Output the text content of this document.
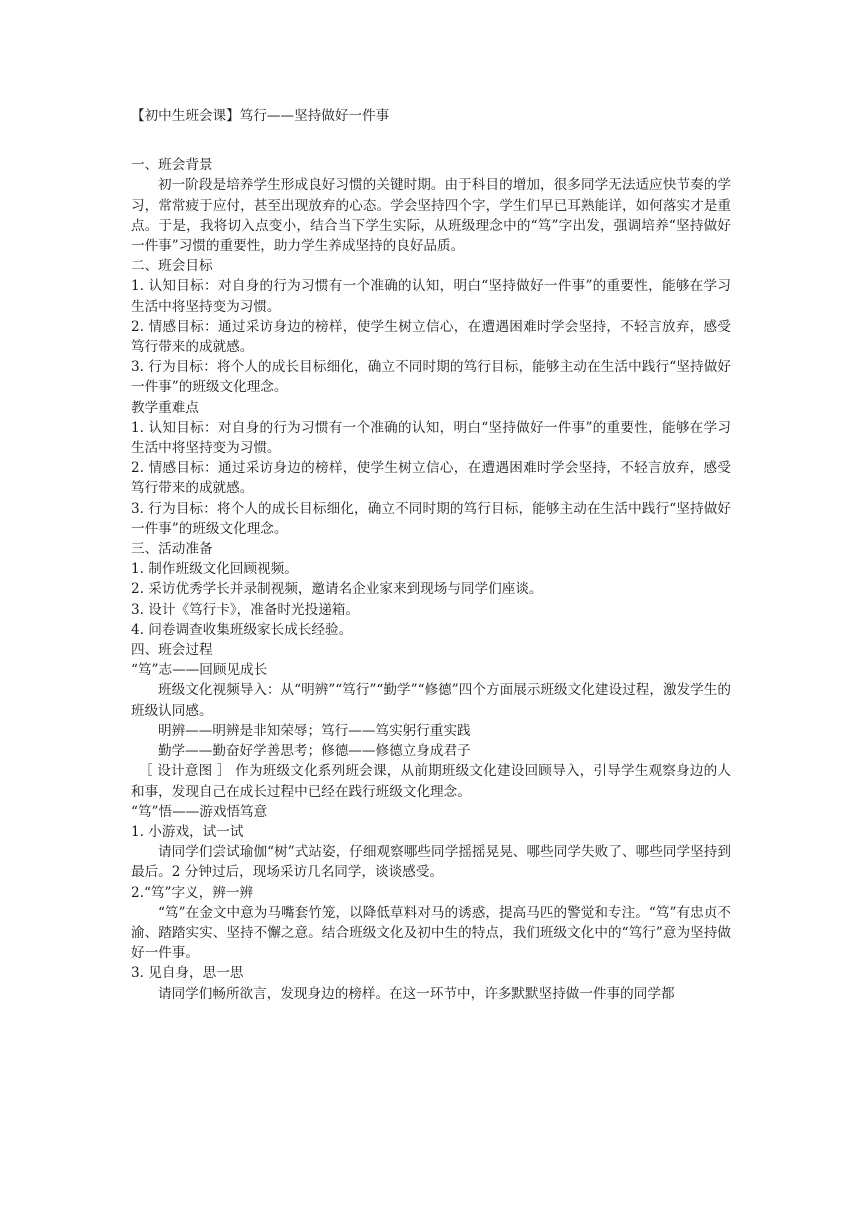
【初中生班会课】笃行——坚持做好一件事

一、班会背景

初一阶段是培养学生形成良好习惯的关键时期。由于科目的增加，很多同学无法适应快节奏的学习，常常疲于应付，甚至出现放弃的心态。学会坚持四个字，学生们早已耳熟能详，如何落实才是重点。于是，我将切入点变小，结合当下学生实际，从班级理念中的“笃”字出发，强调培养“坚持做好一件事”习惯的重要性，助力学生养成坚持的良好品质。

二、班会目标

1. 认知目标：对自身的行为习惯有一个准确的认知，明白“坚持做好一件事”的重要性，能够在学习生活中将坚持变为习惯。

2. 情感目标：通过采访身边的榜样，使学生树立信心，在遭遇困难时学会坚持，不轻言放弃，感受笃行带来的成就感。

3. 行为目标：将个人的成长目标细化，确立不同时期的笃行目标，能够主动在生活中践行“坚持做好一件事”的班级文化理念。

教学重难点

1. 认知目标：对自身的行为习惯有一个准确的认知，明白“坚持做好一件事”的重要性，能够在学习生活中将坚持变为习惯。

2. 情感目标：通过采访身边的榜样，使学生树立信心，在遭遇困难时学会坚持，不轻言放弃，感受笃行带来的成就感。

3. 行为目标：将个人的成长目标细化，确立不同时期的笃行目标，能够主动在生活中践行“坚持做好一件事”的班级文化理念。

三、活动准备

1. 制作班级文化回顾视频。

2. 采访优秀学长并录制视频，邀请名企业家来到现场与同学们座谈。

3. 设计《笃行卡》，准备时光投递箱。

4. 问卷调查收集班级家长成长经验。

四、班会过程

“笃”志——回顾见成长

班级文化视频导入：从“明辨”“笃行”“勤学”“修德”四个方面展示班级文化建设过程，激发学生的班级认同感。

明辨——明辨是非知荣辱；笃行——笃实躬行重实践

勤学——勤奋好学善思考；修德——修德立身成君子

［ 设计意图 ］ 作为班级文化系列班会课，从前期班级文化建设回顾导入，引导学生观察身边的人和事，发现自己在成长过程中已经在践行班级文化理念。

“笃”悟——游戏悟笃意

1. 小游戏，试一试

请同学们尝试瑜伽“树”式站姿，仔细观察哪些同学摇摇晃晃、哪些同学失败了、哪些同学坚持到最后。2 分钟过后，现场采访几名同学，谈谈感受。

2.“笃”字义，辨一辨

“笃”在金文中意为马嘴套竹笼，以降低草料对马的诱惑，提高马匹的警觉和专注。“笃”有忠贞不渝、踏踏实实、坚持不懈之意。结合班级文化及初中生的特点，我们班级文化中的“笃行”意为坚持做好一件事。

3. 见自身，思一思

请同学们畅所欲言，发现身边的榜样。在这一环节中，许多默默坚持做一件事的同学都
